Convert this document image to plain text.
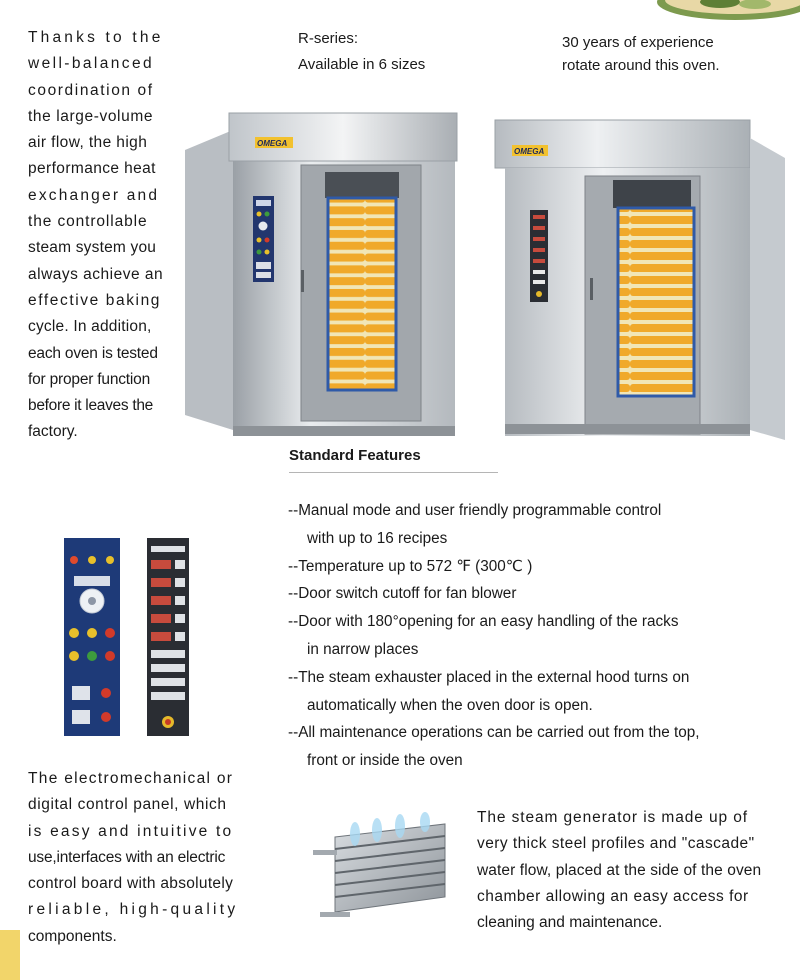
Thanks to the
well-balanced
coordination of
the large-volume
air flow, the high
performance heat
exchanger and
the controllable
steam system you
always achieve an
effective baking
cycle. In addition,
each oven is tested
for proper function
before it leaves the
factory.
R-series:
Available in 6 sizes
30 years of experience
rotate around this oven.
OMEGA
OMEGA
Standard Features
--Manual mode and user friendly programmable control
with up to 16 recipes
--Temperature up to 572 ℉ (300℃ )
--Door switch cutoff for fan blower
--Door with 180°opening for an easy handling of the racks
in narrow places
--The steam exhauster placed in the external hood turns on
automatically when the oven door is open.
--All maintenance operations can be carried out from the top,
front or inside the oven
The electromechanical or
digital control panel, which
is easy and intuitive to
use,interfaces with an electric
control board with absolutely
reliable, high-quality
components.
The steam generator is made up of
very thick steel profiles and "cascade"
water flow, placed at the side of the oven
chamber allowing an easy access for
cleaning and maintenance.
